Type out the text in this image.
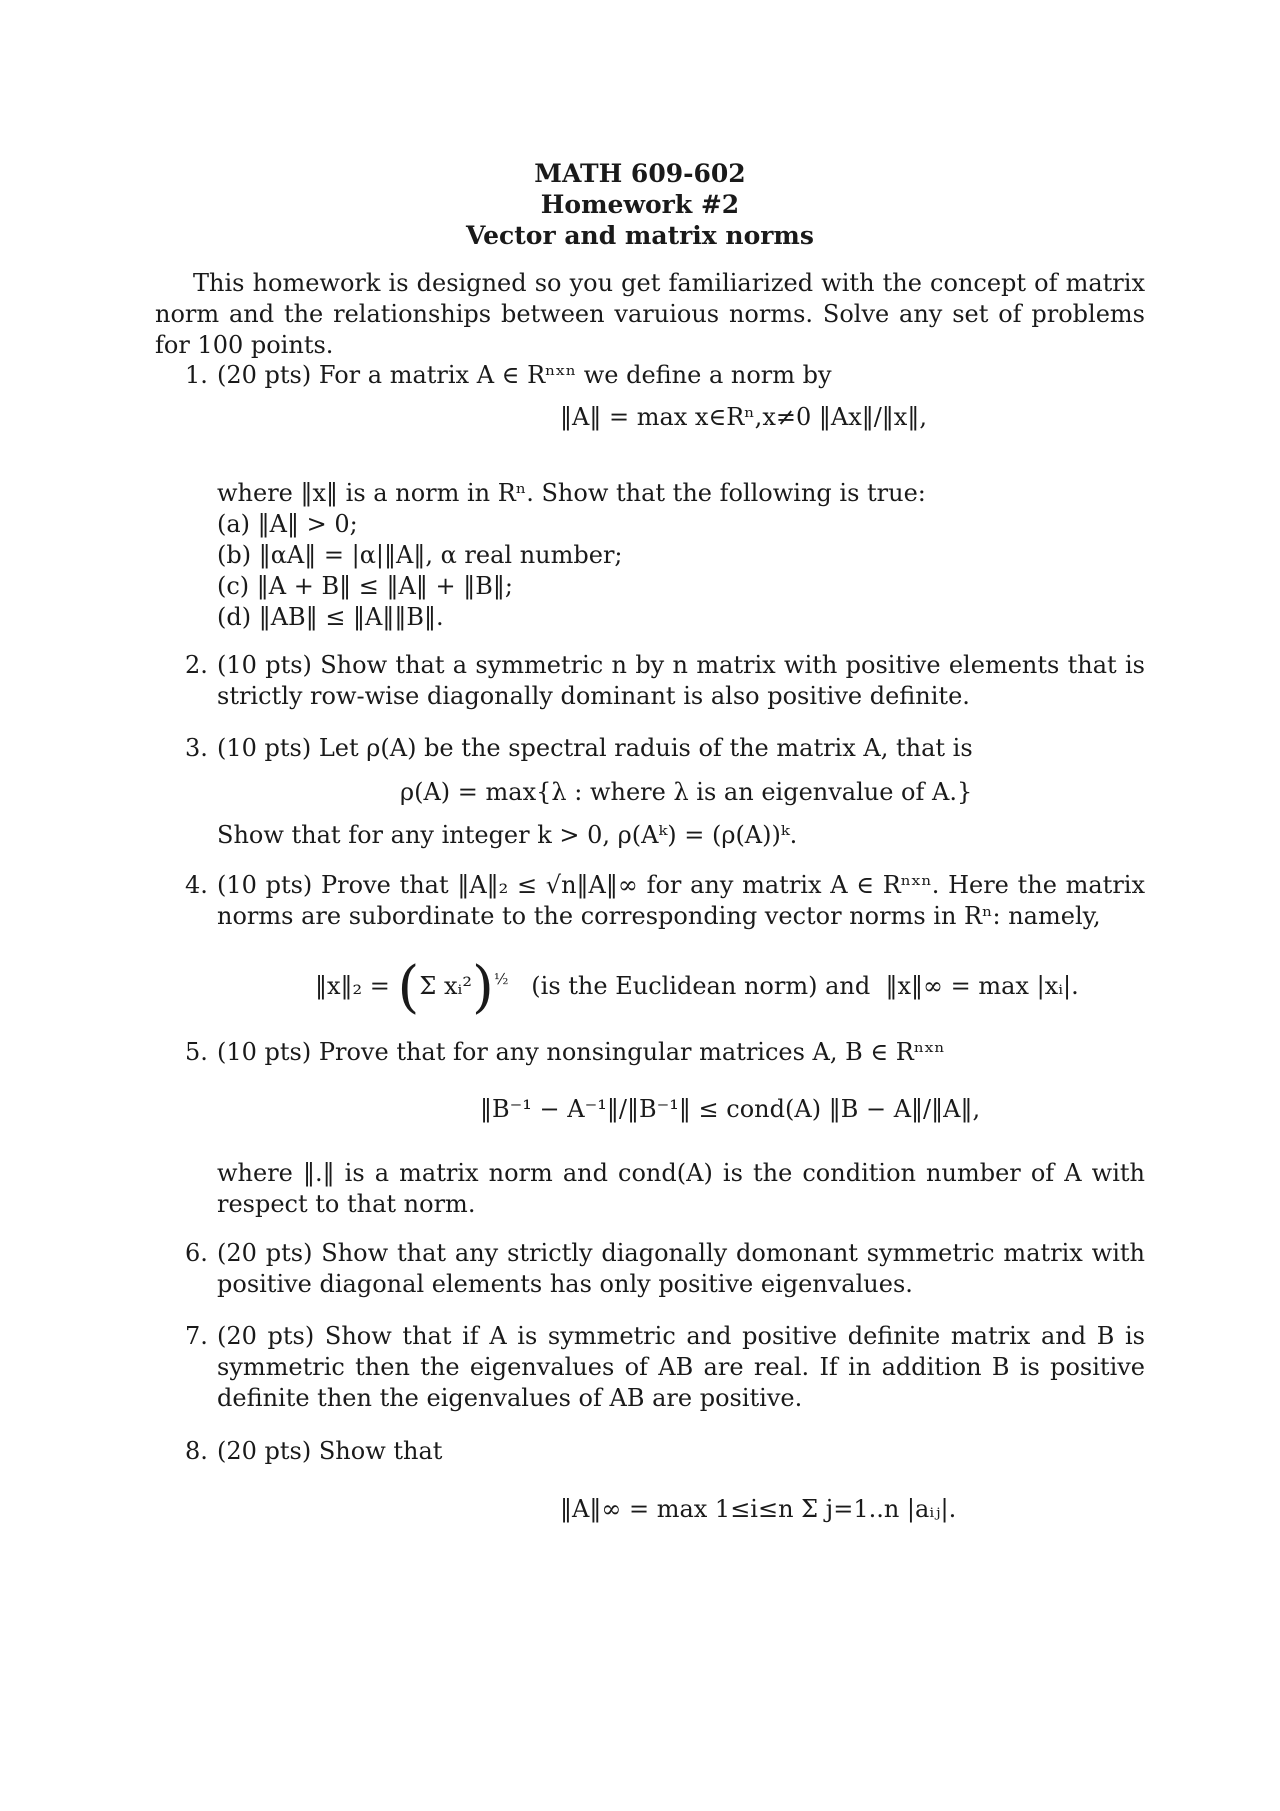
MATH 609-602
Homework #2
Vector and matrix norms
This homework is designed so you get familiarized with the concept of matrix norm and the relationships between varuious norms. Solve any set of problems for 100 points.
1. (20 pts) For a matrix A ∈ Rⁿˣⁿ we define a norm by

‖A‖ = max x∈Rⁿ,x≠0 ‖Ax‖/‖x‖,

where ‖x‖ is a norm in Rⁿ. Show that the following is true:

(a) ‖A‖ > 0;

(b) ‖αA‖ = |α|‖A‖, α real number;

(c) ‖A + B‖ ≤ ‖A‖ + ‖B‖;

(d) ‖AB‖ ≤ ‖A‖‖B‖.

2. (10 pts) Show that a symmetric n by n matrix with positive elements that is strictly row-wise diagonally dominant is also positive definite.

3. (10 pts) Let ρ(A) be the spectral raduis of the matrix A, that is

ρ(A) = max{λ : where λ is an eigenvalue of A.}

Show that for any integer k > 0, ρ(Aᵏ) = (ρ(A))ᵏ.

4. (10 pts) Prove that ‖A‖₂ ≤ √n‖A‖∞ for any matrix A ∈ Rⁿˣⁿ. Here the matrix norms are subordinate to the corresponding vector norms in Rⁿ: namely,

‖x‖₂ = (Σ xᵢ²)$^{\frac{1}{2}}$ (is the Euclidean norm) and ‖x‖∞ = max |xᵢ|.
5. (10 pts) Prove that for any nonsingular matrices A, B ∈ Rⁿˣⁿ

‖B⁻¹ − A⁻¹‖/‖B⁻¹‖ ≤ cond(A) ‖B − A‖/‖A‖,

where ‖.‖ is a matrix norm and cond(A) is the condition number of A with respect to that norm.

6. (20 pts) Show that any strictly diagonally domonant symmetric matrix with positive diagonal elements has only positive eigenvalues.

7. (20 pts) Show that if A is symmetric and positive definite matrix and B is symmetric then the eigenvalues of AB are real. If in addition B is positive definite then the eigenvalues of AB are positive.

8. (20 pts) Show that

‖A‖∞ = max 1≤i≤n Σ j=1..n |aᵢⱼ|.
